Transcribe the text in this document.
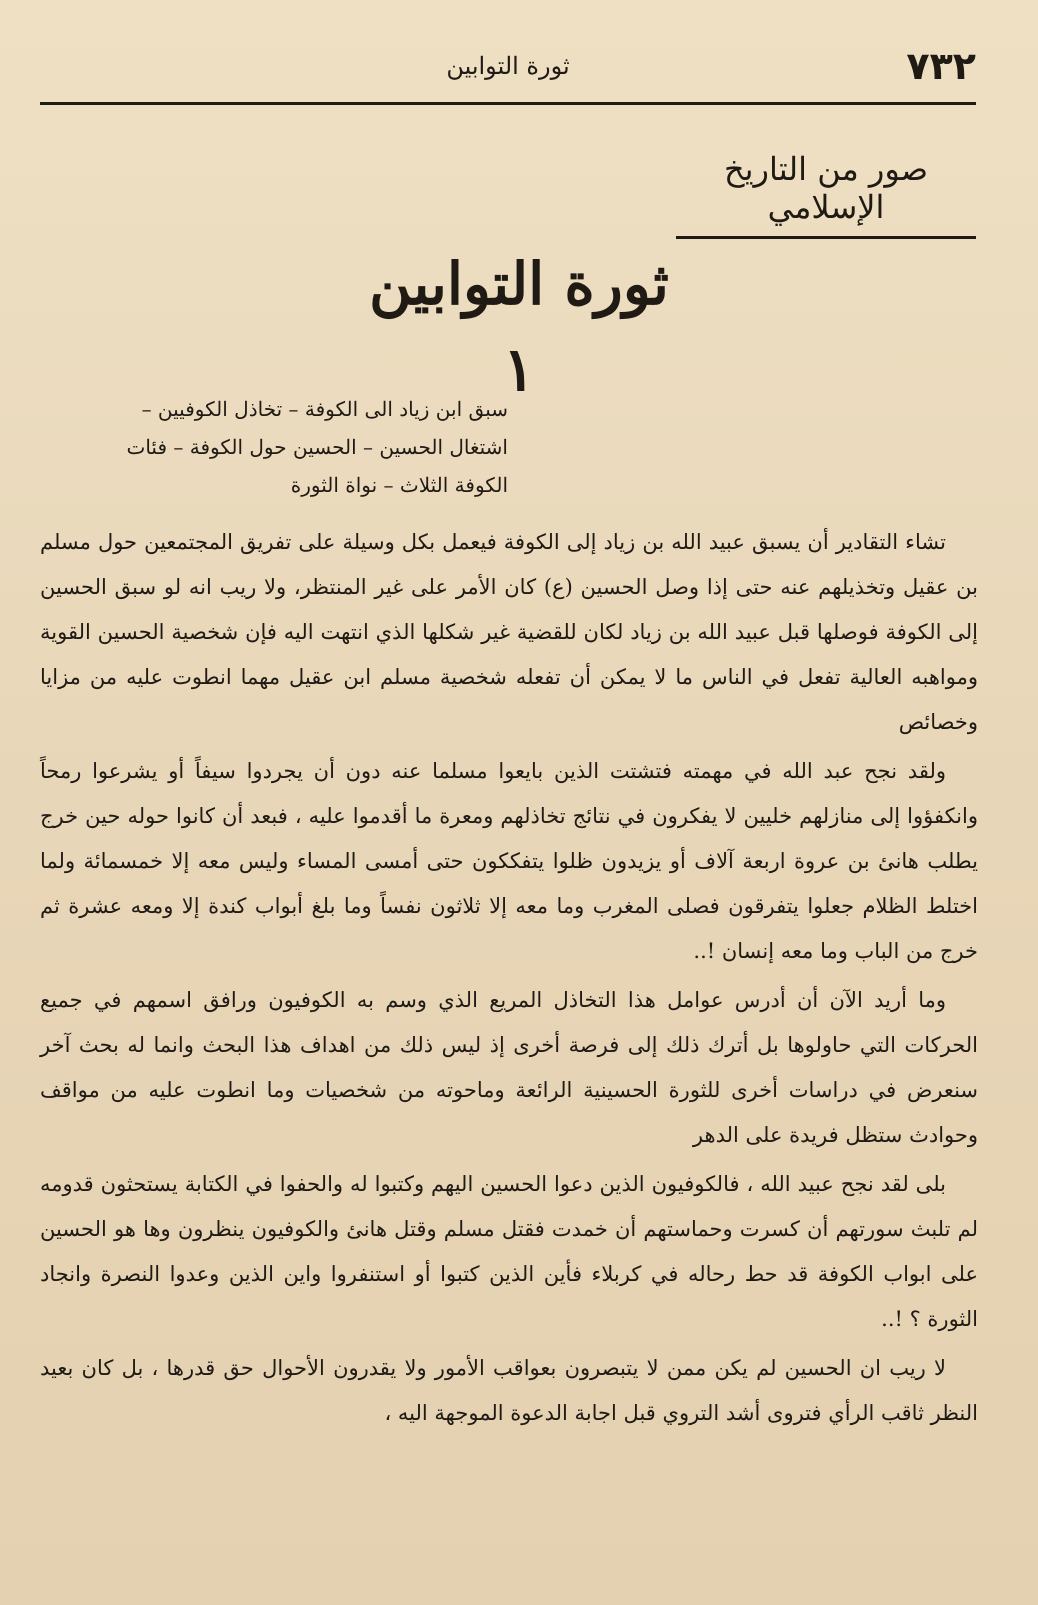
٧٣٢
ثورة التوابين
صور من التاريخ الإسلامي
ثورة التوابين
١
سبق ابن زياد الى الكوفة – تخاذل الكوفيين –
اشتغال الحسين – الحسين حول الكوفة – فئات
الكوفة الثلاث – نواة الثورة

تشاء التقادير أن يسبق عبيد الله بن زياد إلى الكوفة فيعمل بكل وسيلة على تفريق المجتمعين حول مسلم بن عقيل وتخذيلهم عنه حتى إذا وصل الحسين (ع) كان الأمر على غير المنتظر، ولا ريب انه لو سبق الحسين إلى الكوفة فوصلها قبل عبيد الله بن زياد لكان للقضية غير شكلها الذي انتهت اليه فإن شخصية الحسين القوية ومواهبه العالية تفعل في الناس ما لا يمكن أن تفعله شخصية مسلم ابن عقيل مهما انطوت عليه من مزايا وخصائص

ولقد نجح عبد الله في مهمته فتشتت الذين بايعوا مسلما عنه دون أن يجردوا سيفاً أو يشرعوا رمحاً وانكفؤوا إلى منازلهم خليين لا يفكرون في نتائج تخاذلهم ومعرة ما أقدموا عليه ، فبعد أن كانوا حوله حين خرج يطلب هانئ بن عروة اربعة آلاف أو يزيدون ظلوا يتفككون حتى أمسى المساء وليس معه إلا خمسمائة ولما اختلط الظلام جعلوا يتفرقون فصلى المغرب وما معه إلا ثلاثون نفساً وما بلغ أبواب كندة إلا ومعه عشرة ثم خرج من الباب وما معه إنسان !..

وما أريد الآن أن أدرس عوامل هذا التخاذل المريع الذي وسم به الكوفيون ورافق اسمهم في جميع الحركات التي حاولوها بل أترك ذلك إلى فرصة أخرى إذ ليس ذلك من اهداف هذا البحث وانما له بحث آخر سنعرض في دراسات أخرى للثورة الحسينية الرائعة وماحوته من شخصيات وما انطوت عليه من مواقف وحوادث ستظل فريدة على الدهر

بلى لقد نجح عبيد الله ، فالكوفيون الذين دعوا الحسين اليهم وكتبوا له والحفوا في الكتابة يستحثون قدومه لم تلبث سورتهم أن كسرت وحماستهم أن خمدت فقتل مسلم وقتل هانئ والكوفيون ينظرون وها هو الحسين على ابواب الكوفة قد حط رحاله في كربلاء فأين الذين كتبوا أو استنفروا واين الذين وعدوا النصرة وانجاد الثورة ؟ !..

لا ريب ان الحسين لم يكن ممن لا يتبصرون بعواقب الأمور ولا يقدرون الأحوال حق قدرها ، بل كان بعيد النظر ثاقب الرأي فتروى أشد التروي قبل اجابة الدعوة الموجهة اليه ،
